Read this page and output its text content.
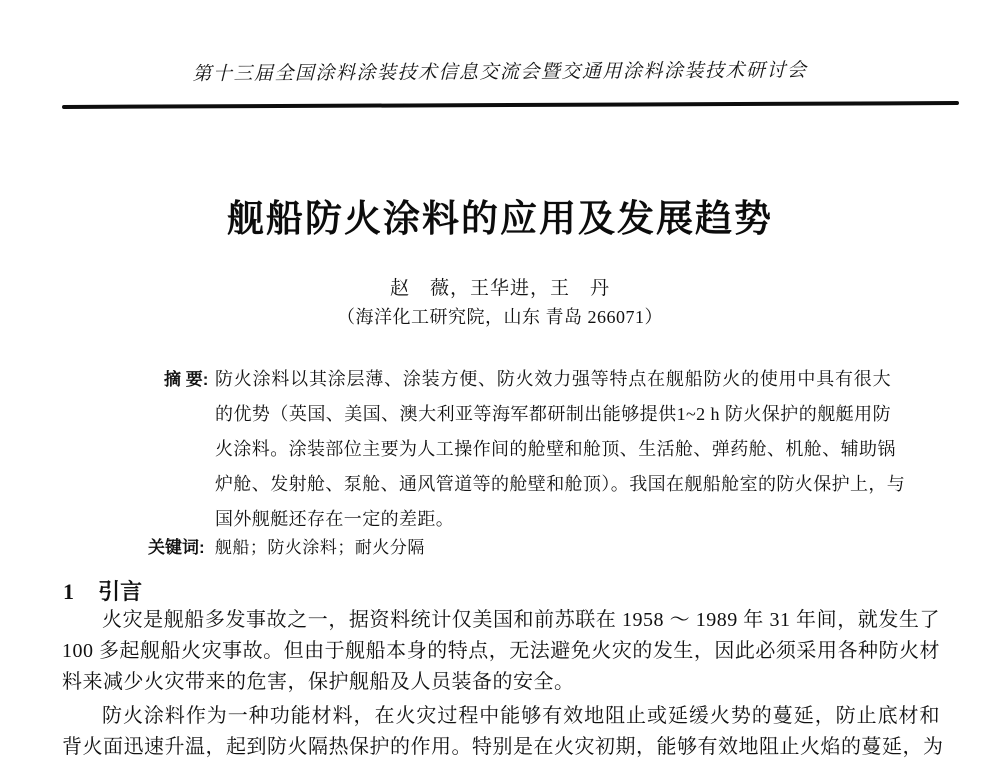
第十三届全国涂料涂装技术信息交流会暨交通用涂料涂装技术研讨会
舰船防火涂料的应用及发展趋势
赵　薇，王华进，王　丹
（海洋化工研究院，山东 青岛 266071）
摘 要: 防火涂料以其涂层薄、涂装方便、防火效力强等特点在舰船防火的使用中具有很大
的优势（英国、美国、澳大利亚等海军都研制出能够提供1~2 h 防火保护的舰艇用防
火涂料。涂装部位主要为人工操作间的舱壁和舱顶、生活舱、弹药舱、机舱、辅助锅
炉舱、发射舱、泵舱、通风管道等的舱壁和舱顶）。我国在舰船舱室的防火保护上，与
国外舰艇还存在一定的差距。
关键词: 舰船；防火涂料；耐火分隔
1 引言
火灾是舰船多发事故之一，据资料统计仅美国和前苏联在 1958 ～ 1989 年 31 年间，就发生了
100 多起舰船火灾事故。但由于舰船本身的特点，无法避免火灾的发生，因此必须采用各种防火材
料来减少火灾带来的危害，保护舰船及人员装备的安全。
防火涂料作为一种功能材料，在火灾过程中能够有效地阻止或延缓火势的蔓延，防止底材和
背火面迅速升温，起到防火隔热保护的作用。特别是在火灾初期，能够有效地阻止火焰的蔓延，为
